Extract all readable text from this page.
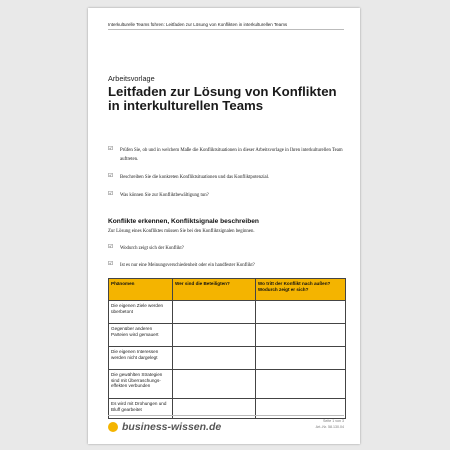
Interkulturelle Teams führen: Leitfaden zur Lösung von Konflikten in interkulturellen Teams
Arbeitsvorlage
Leitfaden zur Lösung von Konflikten in interkulturellen Teams
☑	Prüfen Sie, ob und in welchem Maße die Konfliktsituationen in dieser Arbeitsvorlage in Ihren interkulturellen Team auftreten.
☑	Beschreiben Sie die konkreten Konfliktsituationen und das Konfliktpotenzial.
☑	Was können Sie zur Konfliktbewältigung tun?
Konflikte erkennen, Konfliktsignale beschreiben
Zur Lösung eines Konfliktes müssen Sie bei den Konfliktsignalen beginnen.
☑	Wodurch zeigt sich der Konflikt?
☑	Ist es nur eine Meinungsverschiedenheit oder ein handfester Konflikt?
Phänomen	Wer sind die Beteiligten?	Wo tritt der Konflikt nach außen? Wodurch zeigt er sich?
Die eigenen Ziele werden überbetont		
Gegenüber anderen Parteien wird gemauert		
Die eigenen Interessen werden nicht dargelegt		
Die gewählten Strategien sind mit Überraschungs-effekten verbunden		
Es wird mit Drohungen und Bluff gearbeitet		
business-wissen.de	Seite 1 von 3
Art.-Nr. 58.130.04
